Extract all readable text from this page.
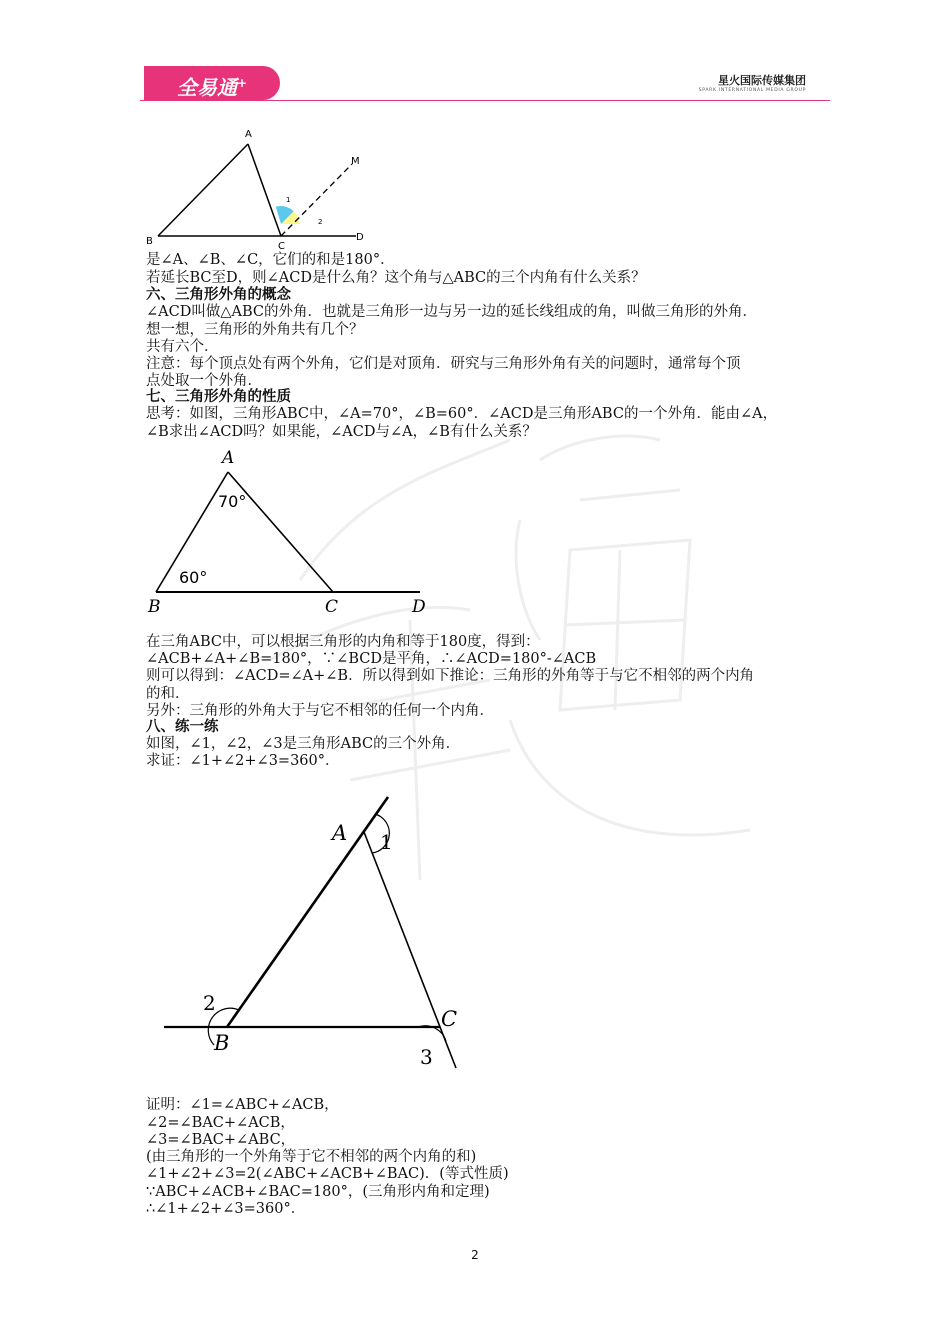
全易通+	星火国际传媒集团
SPARK INTERNATIONAL MEDIA GROUP
A
B	C
D
M
1
2
是∠A、∠B、∠C，它们的和是180°．
若延长BC至D，则∠ACD是什么角？这个角与△ABC的三个内角有什么关系？
六、三角形外角的概念
∠ACD叫做△ABC的外角．也就是三角形一边与另一边的延长线组成的角，叫做三角形的外角．
想一想，三角形的外角共有几个？
共有六个．
注意：每个顶点处有两个外角，它们是对顶角．研究与三角形外角有关的问题时，通常每个顶
点处取一个外角．
七、三角形外角的性质
思考：如图，三角形ABC中，∠A=70°，∠B=60°．∠ACD是三角形ABC的一个外角．能由∠A，
∠B求出∠ACD吗？如果能，∠ACD与∠A，∠B有什么关系？
A
B	C	D
70°
60°
在三角ABC中，可以根据三角形的内角和等于180度，得到：
∠ACB+∠A+∠B=180°，∵∠BCD是平角，∴∠ACD=180°-∠ACB
则可以得到：∠ACD=∠A+∠B．所以得到如下推论：三角形的外角等于与它不相邻的两个内角
的和．
另外：三角形的外角大于与它不相邻的任何一个内角．
八、练一练
如图，∠1，∠2，∠3是三角形ABC的三个外角．
求证：∠1+∠2+∠3=360°．
A
B
C
1
2
3
证明：∠1=∠ABC+∠ACB，
∠2=∠BAC+∠ACB，
∠3=∠BAC+∠ABC，
(由三角形的一个外角等于它不相邻的两个内角的和)
∠1+∠2+∠3=2(∠ABC+∠ACB+∠BAC)．(等式性质)
∵ABC+∠ACB+∠BAC=180°，(三角形内角和定理)
∴∠1+∠2+∠3=360°．
2
